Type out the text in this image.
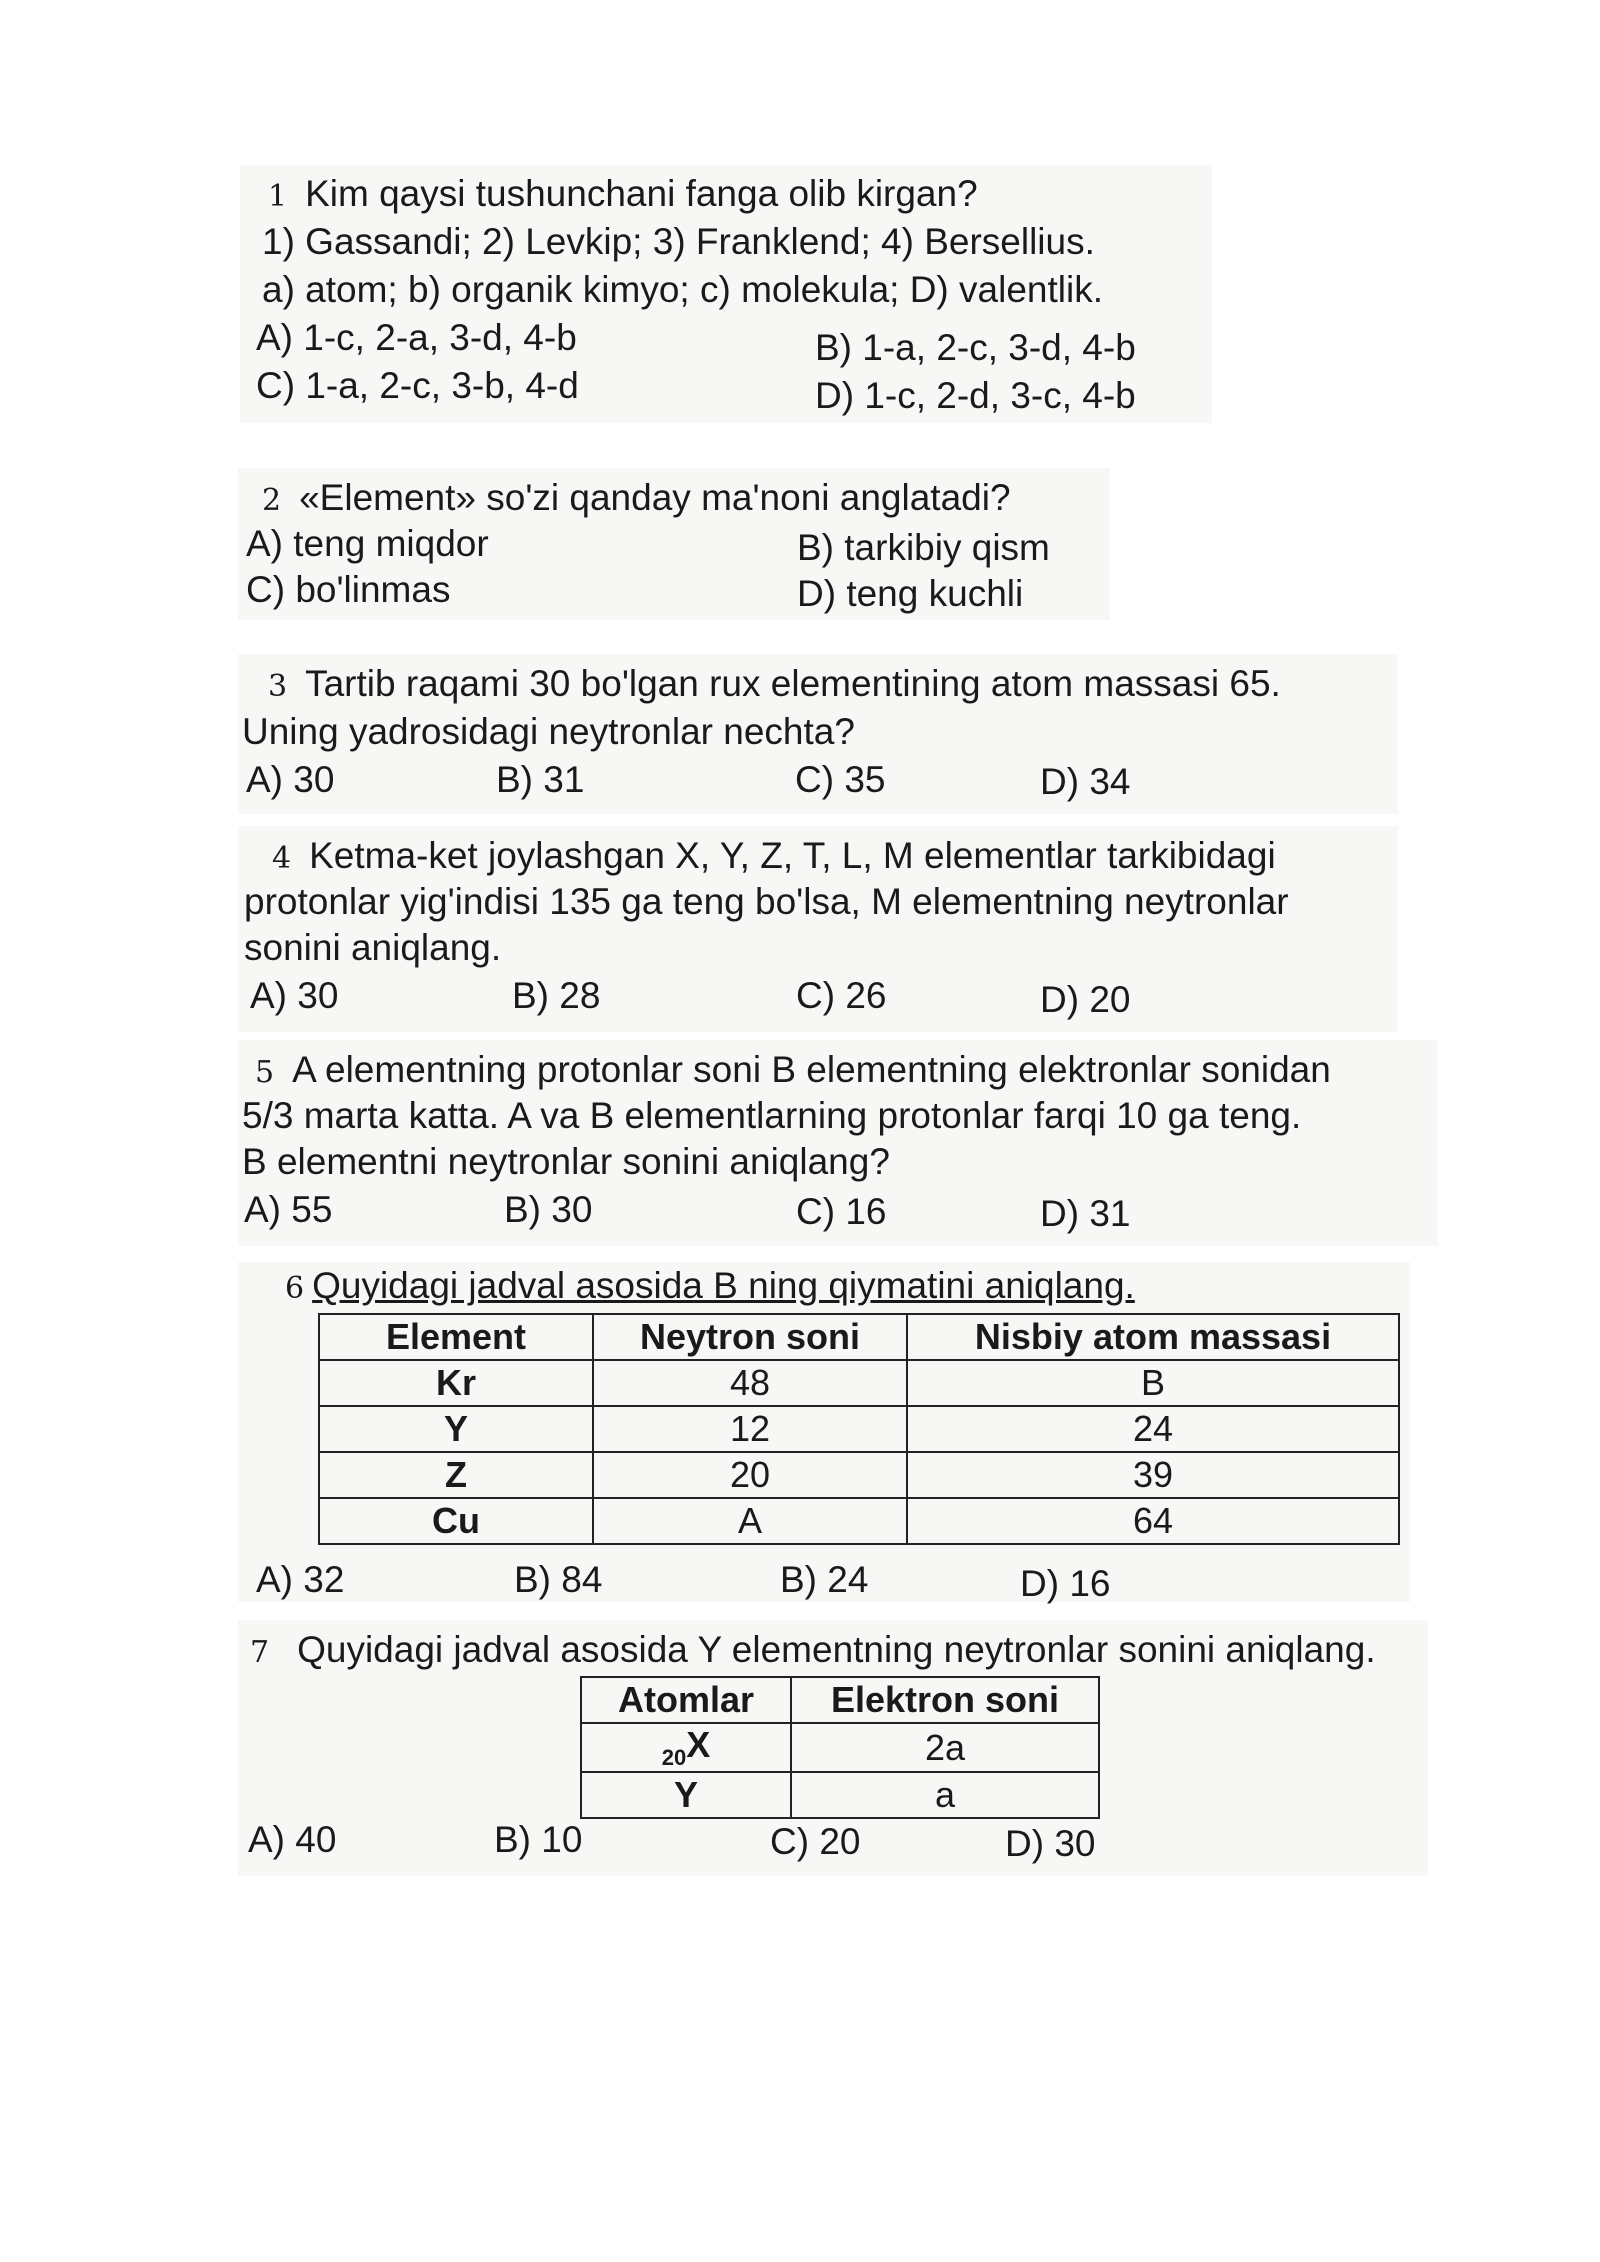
1 Kim qaysi tushunchani fanga olib kirgan?
1) Gassandi; 2) Levkip; 3) Franklend; 4) Bersellius.
a) atom; b) organik kimyo; c) molekula; D) valentlik.
A) 1-c, 2-a, 3-d, 4-b	B) 1-a, 2-c, 3-d, 4-b
C) 1-a, 2-c, 3-b, 4-d	D) 1-c, 2-d, 3-c, 4-b
2 «Element» so'zi qanday ma'noni anglatadi?
A) teng miqdor	B) tarkibiy qism
C) bo'linmas	D) teng kuchli
3 Tartib raqami 30 bo'lgan rux elementining atom massasi 65.
Uning yadrosidagi neytronlar nechta?
A) 30	B) 31	C) 35	D) 34
4 Ketma-ket joylashgan X, Y, Z, T, L, M elementlar tarkibidagi
protonlar yig'indisi 135 ga teng bo'lsa, M elementning neytronlar
sonini aniqlang.
A) 30	B) 28	C) 26	D) 20
5 A elementning protonlar soni B elementning elektronlar sonidan
5/3 marta katta. A va B elementlarning protonlar farqi 10 ga teng.
B elementni neytronlar sonini aniqlang?
A) 55	B) 30	C) 16	D) 31
6 Quyidagi jadval asosida B ning qiymatini aniqlang.
Element	Neytron soni	Nisbiy atom massasi
Kr	48	B
Y	12	24
Z	20	39
Cu	A	64
A) 32	B) 84	B) 24	D) 16
7 Quyidagi jadval asosida Y elementning neytronlar sonini aniqlang.
Atomlar	Elektron soni
$_{20}$X	2a
Y	a
A) 40	B) 10	C) 20	D) 30
